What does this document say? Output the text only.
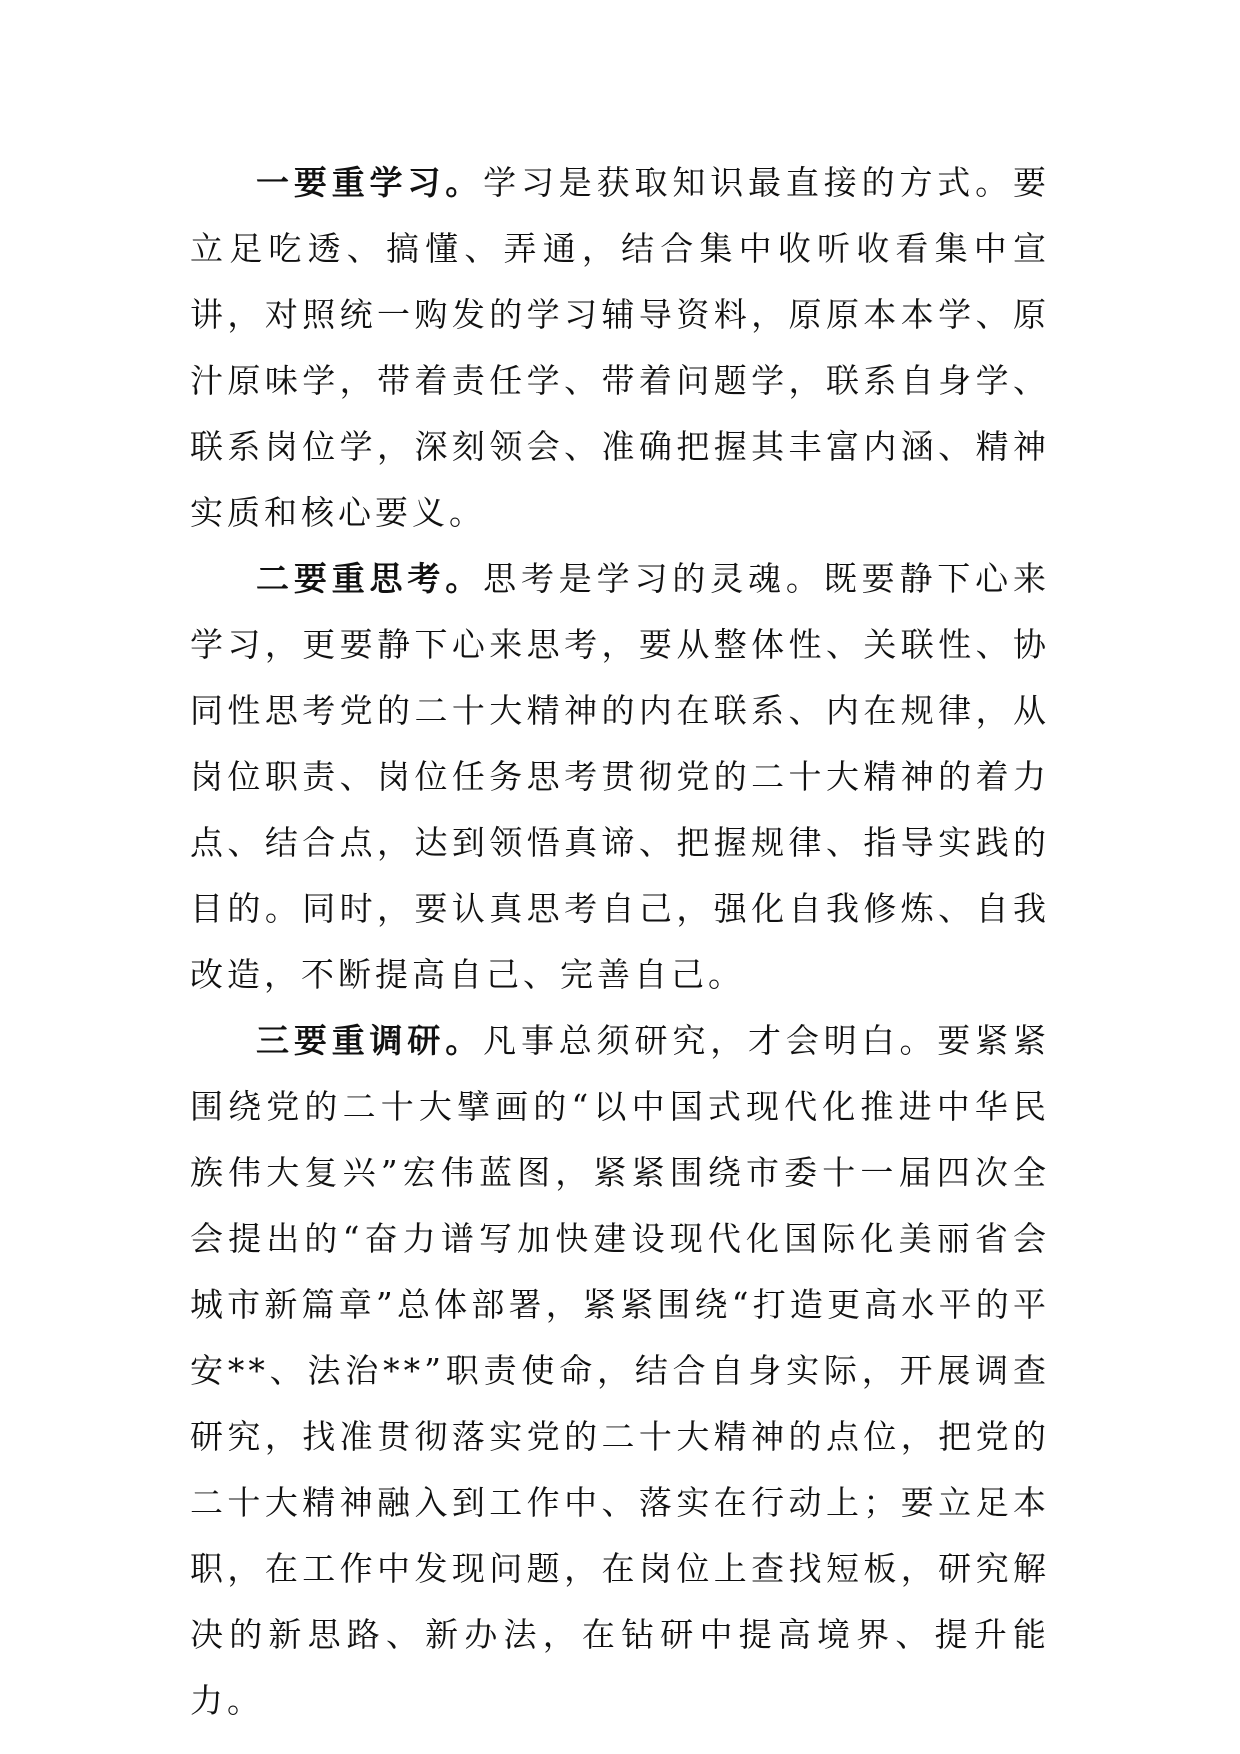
一要重学习。学习是获取知识最直接的方式。要立足吃透、搞懂、弄通，结合集中收听收看集中宣讲，对照统一购发的学习辅导资料，原原本本学、原汁原味学，带着责任学、带着问题学，联系自身学、联系岗位学，深刻领会、准确把握其丰富内涵、精神实质和核心要义。

二要重思考。思考是学习的灵魂。既要静下心来学习，更要静下心来思考，要从整体性、关联性、协同性思考党的二十大精神的内在联系、内在规律，从岗位职责、岗位任务思考贯彻党的二十大精神的着力点、结合点，达到领悟真谛、把握规律、指导实践的目的。同时，要认真思考自己，强化自我修炼、自我改造，不断提高自己、完善自己。

三要重调研。凡事总须研究，才会明白。要紧紧围绕党的二十大擘画的“以中国式现代化推进中华民族伟大复兴”宏伟蓝图，紧紧围绕市委十一届四次全会提出的“奋力谱写加快建设现代化国际化美丽省会城市新篇章”总体部署，紧紧围绕“打造更高水平的平安**、法治**”职责使命，结合自身实际，开展调查研究，找准贯彻落实党的二十大精神的点位，把党的二十大精神融入到工作中、落实在行动上；要立足本职，在工作中发现问题，在岗位上查找短板，研究解决的新思路、新办法，在钻研中提高境界、提升能力。
